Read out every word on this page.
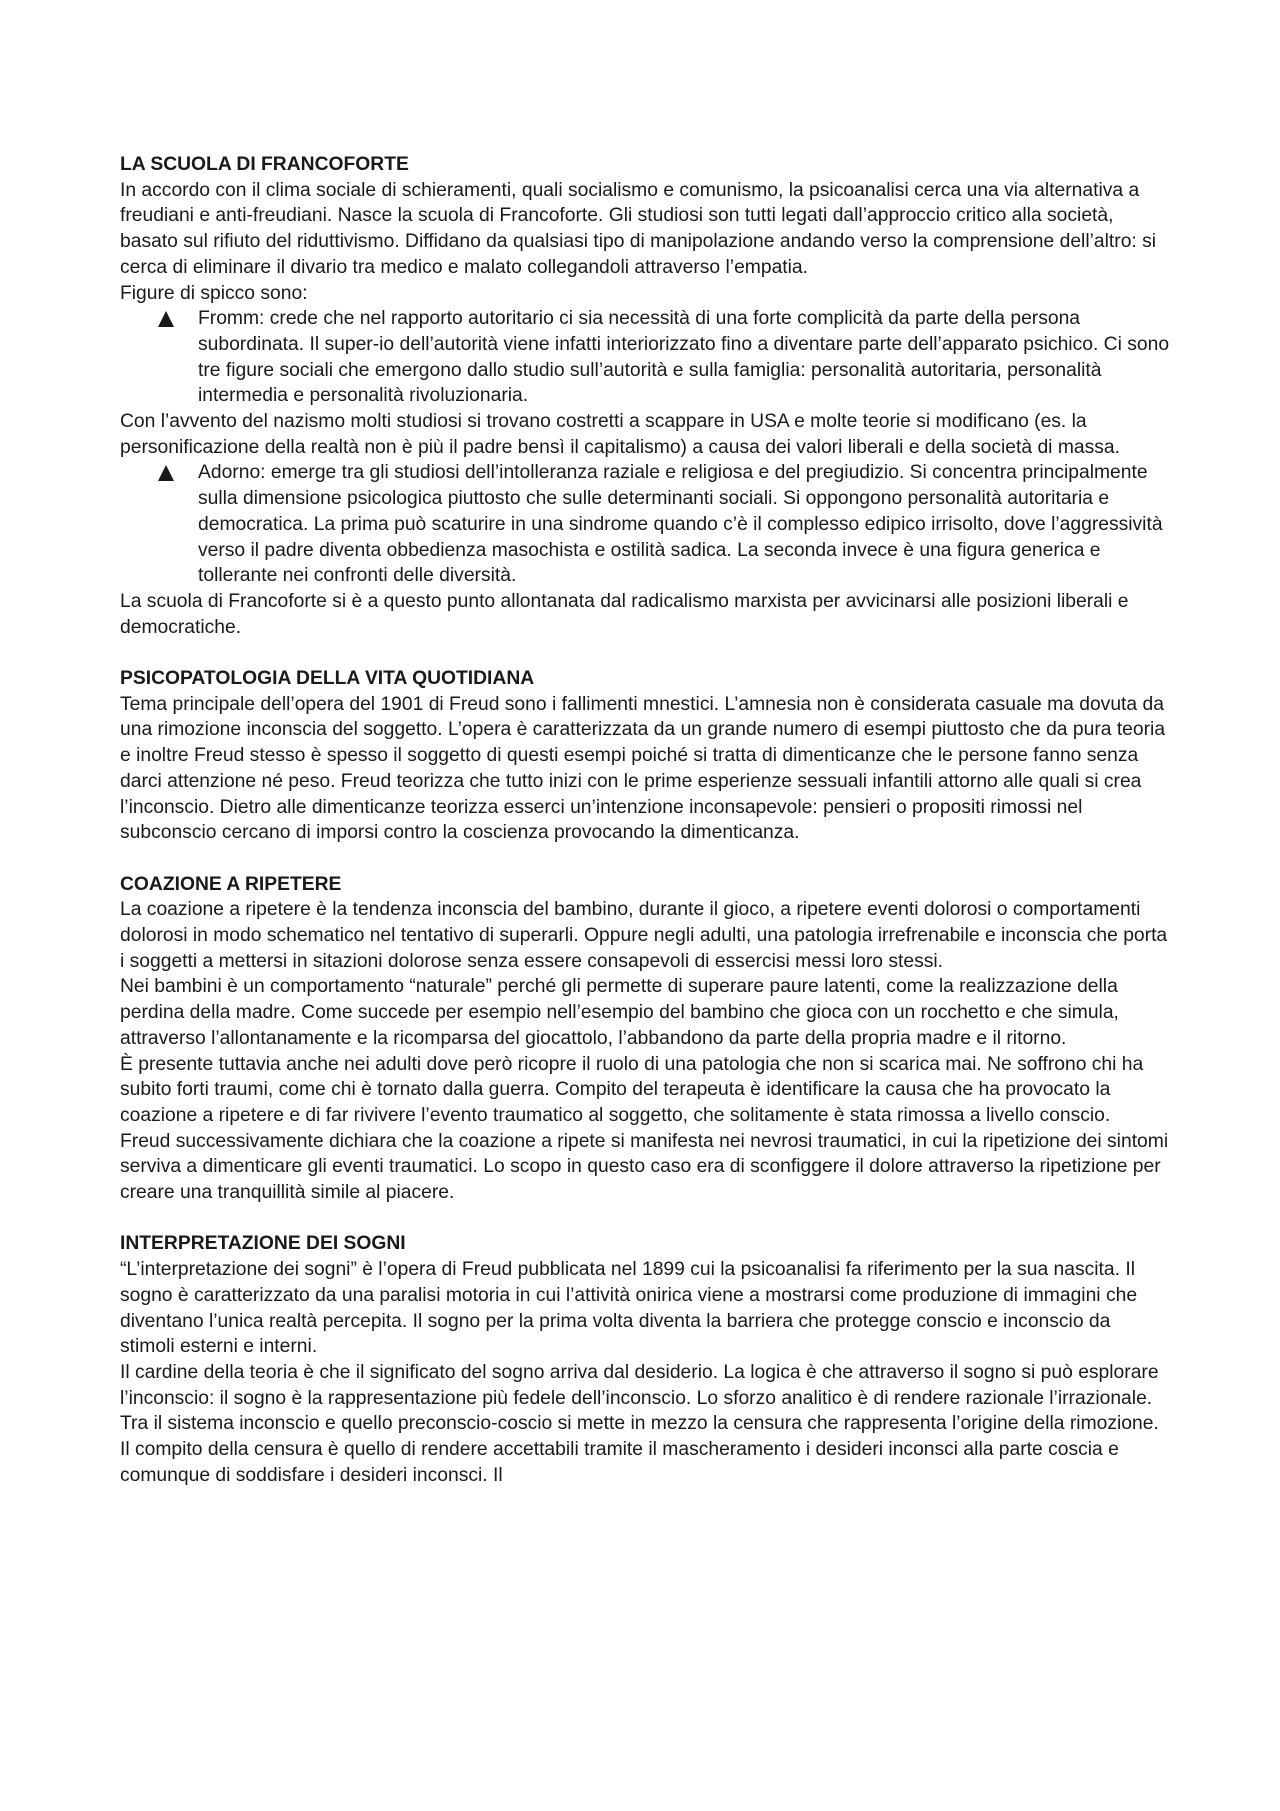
LA SCUOLA DI FRANCOFORTE

In accordo con il clima sociale di schieramenti, quali socialismo e comunismo, la psicoanalisi cerca una via alternativa a freudiani e anti-freudiani. Nasce la scuola di Francoforte. Gli studiosi son tutti legati dall’approccio critico alla società, basato sul rifiuto del riduttivismo. Diffidano da qualsiasi tipo di manipolazione andando verso la comprensione dell’altro: si cerca di eliminare il divario tra medico e malato collegandoli attraverso l’empatia.

Figure di spicco sono:

Fromm: crede che nel rapporto autoritario ci sia necessità di una forte complicità da parte della persona subordinata. Il super-io dell’autorità viene infatti interiorizzato fino a diventare parte dell’apparato psichico. Ci sono tre figure sociali che emergono dallo studio sull’autorità e sulla famiglia: personalità autoritaria, personalità intermedia e personalità rivoluzionaria.

Con l’avvento del nazismo molti studiosi si trovano costretti a scappare in USA e molte teorie si modificano (es. la personificazione della realtà non è più il padre bensì il capitalismo) a causa dei valori liberali e della società di massa.

Adorno: emerge tra gli studiosi dell’intolleranza raziale e religiosa e del pregiudizio. Si concentra principalmente sulla dimensione psicologica piuttosto che sulle determinanti sociali. Si oppongono personalità autoritaria e democratica. La prima può scaturire in una sindrome quando c’è il complesso edipico irrisolto, dove l’aggressività verso il padre diventa obbedienza masochista e ostilità sadica. La seconda invece è una figura generica e tollerante nei confronti delle diversità.

La scuola di Francoforte si è a questo punto allontanata dal radicalismo marxista per avvicinarsi alle posizioni liberali e democratiche.

PSICOPATOLOGIA DELLA VITA QUOTIDIANA

Tema principale dell’opera del 1901 di Freud sono i fallimenti mnestici. L’amnesia non è considerata casuale ma dovuta da una rimozione inconscia del soggetto. L’opera è caratterizzata da un grande numero di esempi piuttosto che da pura teoria e inoltre Freud stesso è spesso il soggetto di questi esempi poiché si tratta di dimenticanze che le persone fanno senza darci attenzione né peso. Freud teorizza che tutto inizi con le prime esperienze sessuali infantili attorno alle quali si crea l’inconscio. Dietro alle dimenticanze teorizza esserci un’intenzione inconsapevole: pensieri o propositi rimossi nel subconscio cercano di imporsi contro la coscienza provocando la dimenticanza.

COAZIONE A RIPETERE

La coazione a ripetere è la tendenza inconscia del bambino, durante il gioco, a ripetere eventi dolorosi o comportamenti dolorosi in modo schematico nel tentativo di superarli. Oppure negli adulti, una patologia irrefrenabile e inconscia che porta i soggetti a mettersi in sitazioni dolorose senza essere consapevoli di essercisi messi loro stessi.

Nei bambini è un comportamento “naturale” perché gli permette di superare paure latenti, come la realizzazione della perdina della madre. Come succede per esempio nell’esempio del bambino che gioca con un rocchetto e che simula, attraverso l’allontanamente e la ricomparsa del giocattolo, l’abbandono da parte della propria madre e il ritorno.

È presente tuttavia anche nei adulti dove però ricopre il ruolo di una patologia che non si scarica mai. Ne soffrono chi ha subito forti traumi, come chi è tornato dalla guerra. Compito del terapeuta è identificare la causa che ha provocato la coazione a ripetere e di far rivivere l’evento traumatico al soggetto, che solitamente è stata rimossa a livello conscio.

Freud successivamente dichiara che la coazione a ripete si manifesta nei nevrosi traumatici, in cui la ripetizione dei sintomi serviva a dimenticare gli eventi traumatici. Lo scopo in questo caso era di sconfiggere il dolore attraverso la ripetizione per creare una tranquillità simile al piacere.

INTERPRETAZIONE DEI SOGNI

“L’interpretazione dei sogni” è l’opera di Freud pubblicata nel 1899 cui la psicoanalisi fa riferimento per la sua nascita. Il sogno è caratterizzato da una paralisi motoria in cui l’attività onirica viene a mostrarsi come produzione di immagini che diventano l’unica realtà percepita. Il sogno per la prima volta diventa la barriera che protegge conscio e inconscio da stimoli esterni e interni.

Il cardine della teoria è che il significato del sogno arriva dal desiderio. La logica è che attraverso il sogno si può esplorare l’inconscio: il sogno è la rappresentazione più fedele dell’inconscio. Lo sforzo analitico è di rendere razionale l’irrazionale.

Tra il sistema inconscio e quello preconscio-coscio si mette in mezzo la censura che rappresenta l’origine della rimozione. Il compito della censura è quello di rendere accettabili tramite il mascheramento i desideri inconsci alla parte coscia e comunque di soddisfare i desideri inconsci. Il
